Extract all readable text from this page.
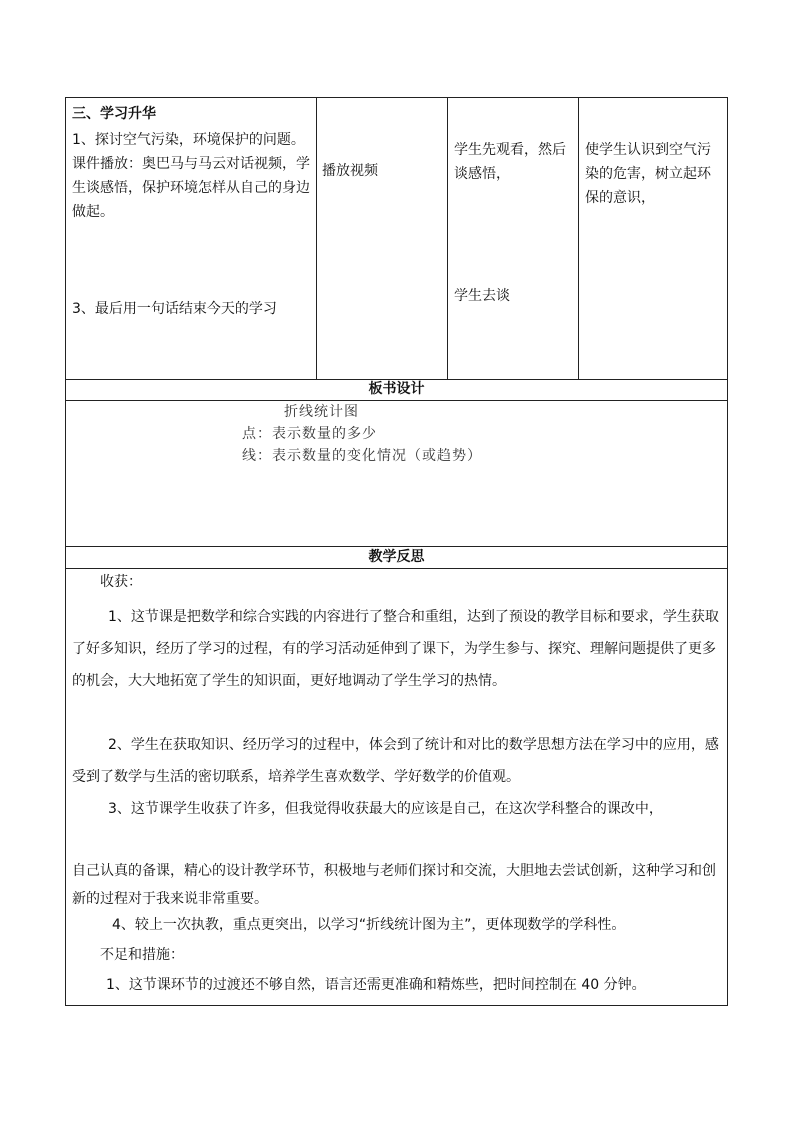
三、学习升华
1、探讨空气污染，环境保护的问题。课件播放：奥巴马与马云对话视频，学生谈感悟，保护环境怎样从自己的身边做起。
3、最后用一句话结束今天的学习
播放视频
学生先观看，然后谈感悟，
学生去谈
使学生认识到空气污染的危害，树立起环保的意识，
板书设计
折线统计图
点：表示数量的多少
线：表示数量的变化情况（或趋势）
教学反思
收获：
1、这节课是把数学和综合实践的内容进行了整合和重组，达到了预设的教学目标和要求，学生获取了好多知识，经历了学习的过程，有的学习活动延伸到了课下，为学生参与、探究、理解问题提供了更多的机会，大大地拓宽了学生的知识面，更好地调动了学生学习的热情。
2、学生在获取知识、经历学习的过程中，体会到了统计和对比的数学思想方法在学习中的应用，感受到了数学与生活的密切联系，培养学生喜欢数学、学好数学的价值观。
3、这节课学生收获了许多，但我觉得收获最大的应该是自己，在这次学科整合的课改中，
自己认真的备课，精心的设计教学环节，积极地与老师们探讨和交流，大胆地去尝试创新，这种学习和创新的过程对于我来说非常重要。
4、较上一次执教，重点更突出，以学习“折线统计图为主”，更体现数学的学科性。
不足和措施：
1、这节课环节的过渡还不够自然，语言还需更准确和精炼些，把时间控制在 40 分钟。
